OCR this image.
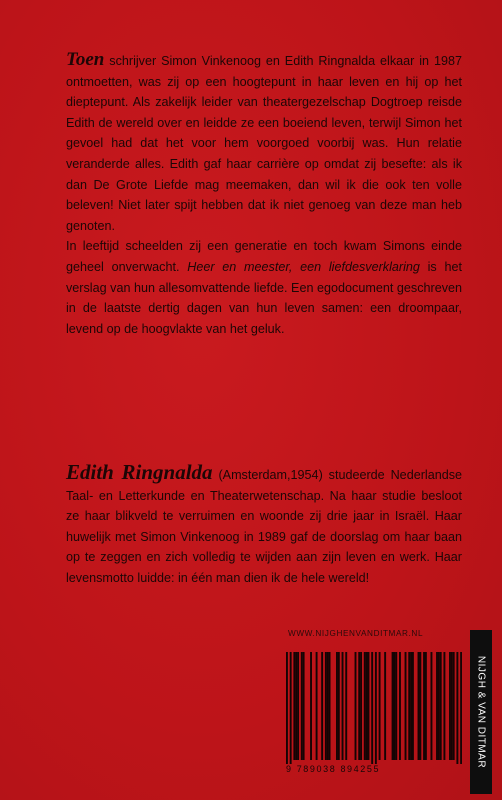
Toen schrijver Simon Vinkenoog en Edith Ringnalda elkaar in 1987 ontmoetten, was zij op een hoogtepunt in haar leven en hij op het dieptepunt. Als zakelijk leider van theatergezelschap Dogtroep reisde Edith de wereld over en leidde ze een boeiend leven, terwijl Simon het gevoel had dat het voor hem voorgoed voorbij was. Hun relatie veranderde alles. Edith gaf haar carrière op omdat zij besefte: als ik dan De Grote Liefde mag meemaken, dan wil ik die ook ten volle beleven! Niet later spijt hebben dat ik niet genoeg van deze man heb genoten.

In leeftijd scheelden zij een generatie en toch kwam Simons einde geheel onverwacht. Heer en meester, een liefdesverklaring is het verslag van hun allesomvattende liefde. Een egodocument geschreven in de laatste dertig dagen van hun leven samen: een droompaar, levend op de hoogvlakte van het geluk.

Edith Ringnalda (Amsterdam,1954) studeerde Nederlandse Taal- en Letterkunde en Theaterwetenschap. Na haar studie besloot ze haar blikveld te verruimen en woonde zij drie jaar in Israël. Haar huwelijk met Simon Vinkenoog in 1989 gaf de doorslag om haar baan op te zeggen en zich volledig te wijden aan zijn leven en werk. Haar levensmotto luidde: in één man dien ik de hele wereld!

WWW.NIJGHENVANDITMAR.NL
9 789038 894255
NIJGH & VAN DITMAR
